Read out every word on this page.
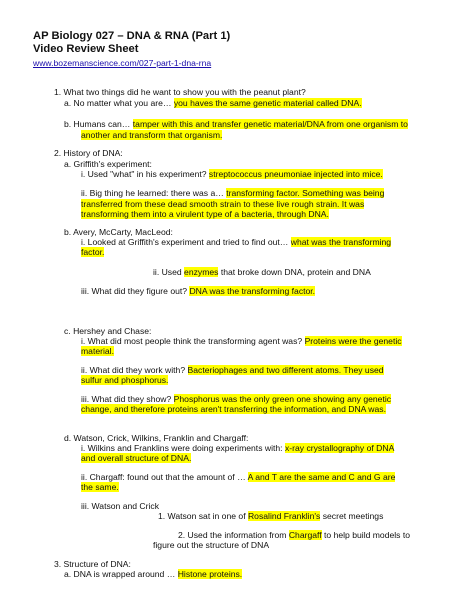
AP Biology 027 – DNA & RNA (Part 1)
Video Review Sheet
www.bozemanscience.com/027-part-1-dna-rna
1. What two things did he want to show you with the peanut plant?
a. No matter what you are… you haves the same genetic material called DNA.
b. Humans can… tamper with this and transfer genetic material/DNA from one organism to
another and transform that organism.
2. History of DNA:
a. Griffith's experiment:
i. Used "what" in his experiment? streptococcus pneumoniae injected into mice.
ii. Big thing he learned: there was a… transforming factor. Something was being
transferred from these dead smooth strain to these live rough strain. It was
transforming them into a virulent type of a bacteria, through DNA.
b. Avery, McCarty, MacLeod:
i. Looked at Griffith's experiment and tried to find out… what was the transforming
factor.
ii. Used enzymes that broke down DNA, protein and DNA
iii. What did they figure out? DNA was the transforming factor.
c. Hershey and Chase:
i. What did most people think the transforming agent was? Proteins were the genetic
material.
ii. What did they work with? Bacteriophages and two different atoms. They used
sulfur and phosphorus.
iii. What did they show? Phosphorus was the only green one showing any genetic
change, and therefore proteins aren't transferring the information, and DNA was.
d. Watson, Crick, Wilkins, Franklin and Chargaff:
i. Wilkins and Franklins were doing experiments with: x-ray crystallography of DNA
and overall structure of DNA.
ii. Chargaff: found out that the amount of … A and T are the same and C and G are
the same.
iii. Watson and Crick
1. Watson sat in one of Rosalind Franklin's secret meetings
2. Used the information from Chargaff to help build models to
figure out the structure of DNA
3. Structure of DNA:
a. DNA is wrapped around … Histone proteins.
